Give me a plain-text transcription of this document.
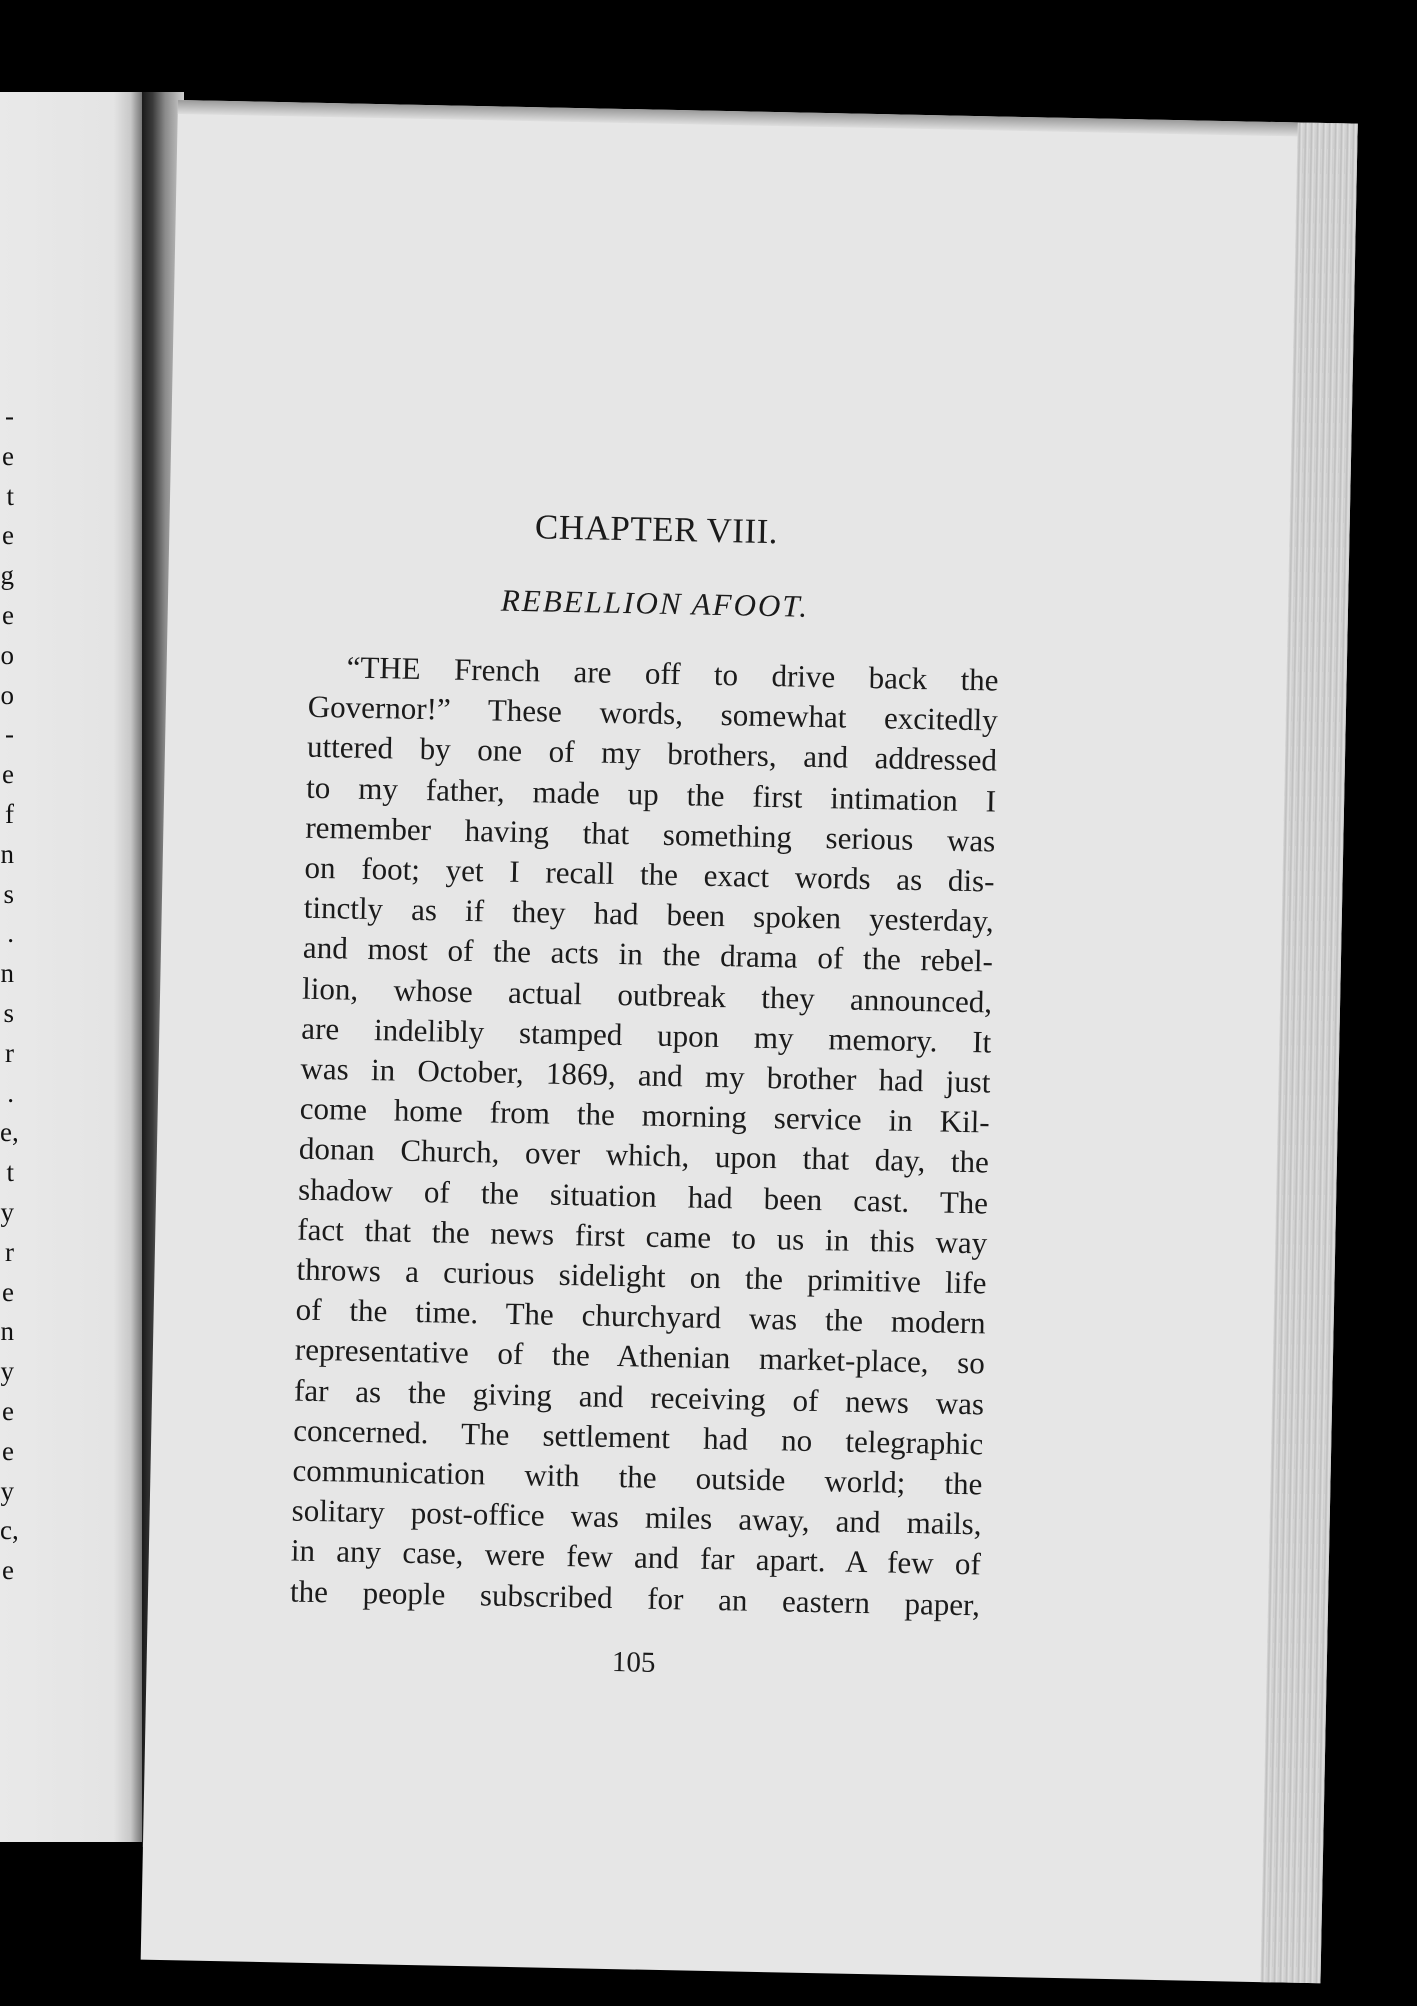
-
e
t
e
g
e
o
o
-
e
f
n
s
.
n
s
r
.
e,
t
y
r
e
n
y
e
e
y
c,
e
CHAPTER VIII.
REBELLION AFOOT.
“THE French are off to drive back the
Governor!” These words, somewhat excitedly
uttered by one of my brothers, and addressed
to my father, made up the first intimation I
remember having that something serious was
on foot; yet I recall the exact words as dis-
tinctly as if they had been spoken yesterday,
and most of the acts in the drama of the rebel-
lion, whose actual outbreak they announced,
are indelibly stamped upon my memory. It
was in October, 1869, and my brother had just
come home from the morning service in Kil-
donan Church, over which, upon that day, the
shadow of the situation had been cast. The
fact that the news first came to us in this way
throws a curious sidelight on the primitive life
of the time. The churchyard was the modern
representative of the Athenian market-place, so
far as the giving and receiving of news was
concerned. The settlement had no telegraphic
communication with the outside world; the
solitary post-office was miles away, and mails,
in any case, were few and far apart. A few of
the people subscribed for an eastern paper,
105
